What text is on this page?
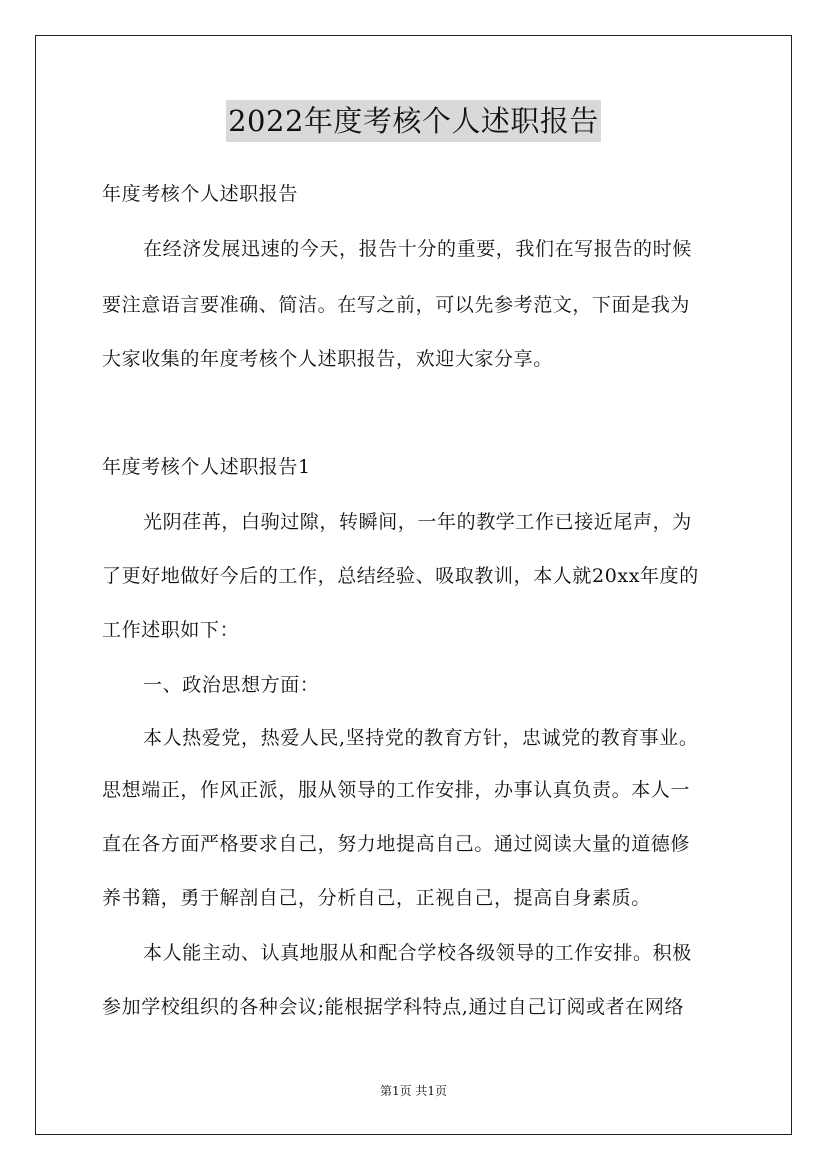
2022年度考核个人述职报告
年度考核个人述职报告
在经济发展迅速的今天，报告十分的重要，我们在写报告的时候
要注意语言要准确、简洁。在写之前，可以先参考范文，下面是我为
大家收集的年度考核个人述职报告，欢迎大家分享。
年度考核个人述职报告1
光阴荏苒，白驹过隙，转瞬间，一年的教学工作已接近尾声，为
了更好地做好今后的工作，总结经验、吸取教训，本人就20xx年度的
工作述职如下：
一、政治思想方面：
本人热爱党，热爱人民,坚持党的教育方针，忠诚党的教育事业。
思想端正，作风正派，服从领导的工作安排，办事认真负责。本人一
直在各方面严格要求自己，努力地提高自己。通过阅读大量的道德修
养书籍，勇于解剖自己，分析自己，正视自己，提高自身素质。
本人能主动、认真地服从和配合学校各级领导的工作安排。积极
参加学校组织的各种会议;能根据学科特点,通过自己订阅或者在网络
第1页 共1页
